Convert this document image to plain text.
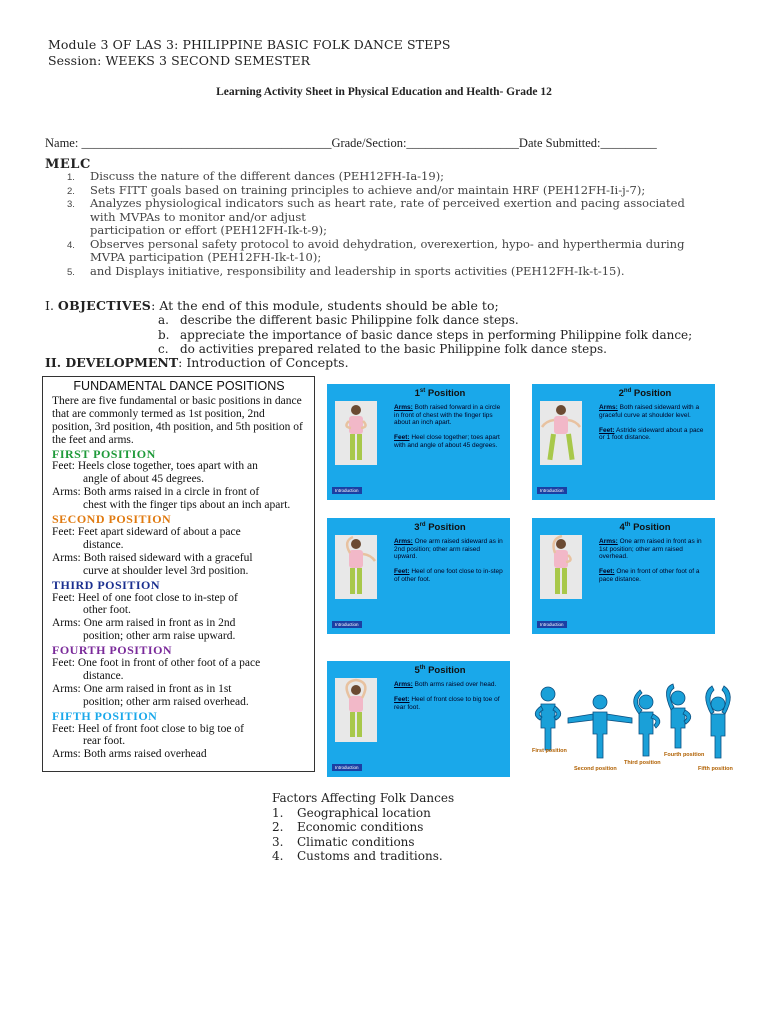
Module 3 OF LAS 3: PHILIPPINE BASIC FOLK DANCE STEPS
Session: WEEKS 3 SECOND SEMESTER
Learning Activity Sheet in Physical Education and Health- Grade 12
Name: ________________________________________Grade/Section:__________________Date Submitted:_________
MELC
1. Discuss the nature of the different dances (PEH12FH-Ia-19);
2. Sets FITT goals based on training principles to achieve and/or maintain HRF (PEH12FH-Ii-j-7);
3. Analyzes physiological indicators such as heart rate, rate of perceived exertion and pacing associated
with MVPAs to monitor and/or adjust
participation or effort (PEH12FH-Ik-t-9);
4. Observes personal safety protocol to avoid dehydration, overexertion, hypo- and hyperthermia during
MVPA participation (PEH12FH-Ik-t-10);
5. and Displays initiative, responsibility and leadership in sports activities (PEH12FH-Ik-t-15).
I. OBJECTIVES: At the end of this module, students should be able to;
a. describe the different basic Philippine folk dance steps.
b. appreciate the importance of basic dance steps in performing Philippine folk dance;
c. do activities prepared related to the basic Philippine folk dance steps.
II. DEVELOPMENT: Introduction of Concepts.
FUNDAMENTAL DANCE POSITIONS
There are five fundamental or basic positions in dance that are commonly termed as 1st position, 2nd position, 3rd position, 4th position, and 5th position of the feet and arms.
FIRST POSITION
Feet: Heels close together, toes apart with an
angle of about 45 degrees.
Arms: Both arms raised in a circle in front of
chest with the finger tips about an inch apart.
SECOND POSITION
Feet: Feet apart sideward of about a pace
distance.
Arms: Both raised sideward with a graceful
curve at shoulder level 3rd position.
THIRD POSITION
Feet: Heel of one foot close to in-step of
other foot.
Arms: One arm raised in front as in 2nd
position; other arm raise upward.
FOURTH POSITION
Feet: One foot in front of other foot of a pace
distance.
Arms: One arm raised in front as in 1st
position; other arm raised overhead.
FIFTH POSITION
Feet: Heel of front foot close to big toe of
rear foot.
Arms: Both arms raised overhead
1st Position
Arms: Both raised forward in a circle in front of chest with the finger tips about an inch apart.

Feet: Heel close together; toes apart with and angle of about 45 degrees.
Introduction
2nd Position
Arms: Both raised sideward with a graceful curve at shoulder level.

Feet: Astride sideward about a pace or 1 foot distance.
Introduction
3rd Position
Arms: One arm raised sideward as in 2nd position; other arm raised upward.

Feet: Heel of one foot close to in-step of other foot.
Introduction
4th Position
Arms: One arm raised in front as in 1st position; other arm raised overhead.

Feet: One in front of other foot of a pace distance.
Introduction
5th Position
Arms: Both arms raised over head.

Feet: Heel of front close to big toe of rear foot.
Introduction
First position
Second position
Third position
Fourth position
Fifth position
Factors Affecting Folk Dances
1. Geographical location
2. Economic conditions
3. Climatic conditions
4. Customs and traditions.
